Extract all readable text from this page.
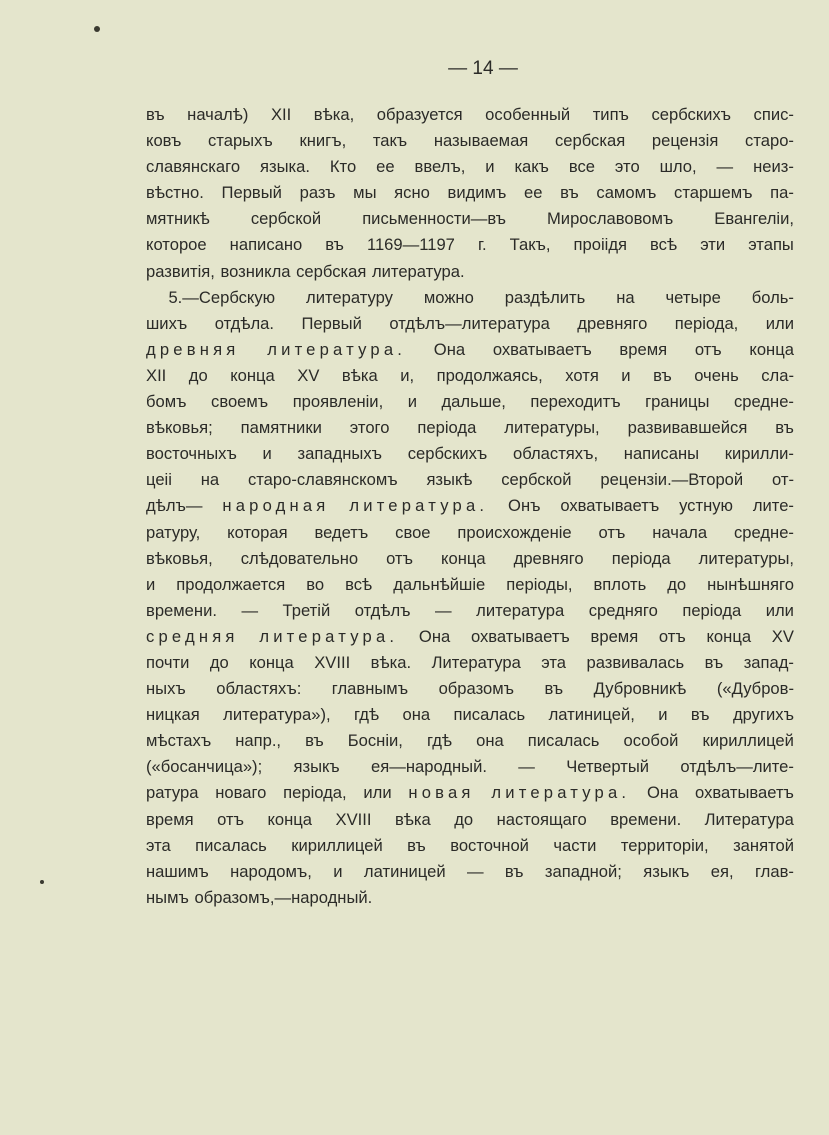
— 14 —
въ началѣ) XII вѣка, образуется особенный типъ сербскихъ спис-
ковъ старыхъ книгъ, такъ называемая сербская рецензія старо-
славянскаго языка. Кто ее ввелъ, и какъ все это шло, — неиз-
вѣстно. Первый разъ мы ясно видимъ ее въ самомъ старшемъ па-
мятникѣ сербской письменности—въ Мирославовомъ Евангеліи,
которое написано въ 1169—1197 г. Такъ, проіідя всѣ эти этапы
развитія, возникла сербская литература.
5.—Сербскую литературу можно раздѣлить на четыре боль-
шихъ отдѣла. Первый отдѣлъ—литература древняго періода, или
древняя литература. Она охватываетъ время отъ конца
XII до конца XV вѣка и, продолжаясь, хотя и въ очень сла-
бомъ своемъ проявленіи, и дальше, переходитъ границы средне-
вѣковья; памятники этого періода литературы, развивавшейся въ
восточныхъ и западныхъ сербскихъ областяхъ, написаны кирилли-
цеіі на старо-славянскомъ языкѣ сербской рецензіи.—Второй от-
дѣлъ— народная литература. Онъ охватываетъ устную лите-
ратуру, которая ведетъ свое происхожденіе отъ начала средне-
вѣковья, слѣдовательно отъ конца древняго періода литературы,
и продолжается во всѣ дальнѣйшіе періоды, вплоть до нынѣшняго
времени. — Третій отдѣлъ — литература средняго періода или
средняя литература. Она охватываетъ время отъ конца XV
почти до конца XVIII вѣка. Литература эта развивалась въ запад-
ныхъ областяхъ: главнымъ образомъ въ Дубровникѣ («Дубров-
ницкая литература»), гдѣ она писалась латиницей, и въ другихъ
мѣстахъ напр., въ Босніи, гдѣ она писалась особой кириллицей
(«босанчица»); языкъ ея—народный. — Четвертый отдѣлъ—лите-
ратура новаго періода, или новая литература. Она охватываетъ
время отъ конца XVIII вѣка до настоящаго времени. Литература
эта писалась кириллицей въ восточной части территоріи, занятой
нашимъ народомъ, и латиницей — въ западной; языкъ ея, глав-
нымъ образомъ,—народный.
